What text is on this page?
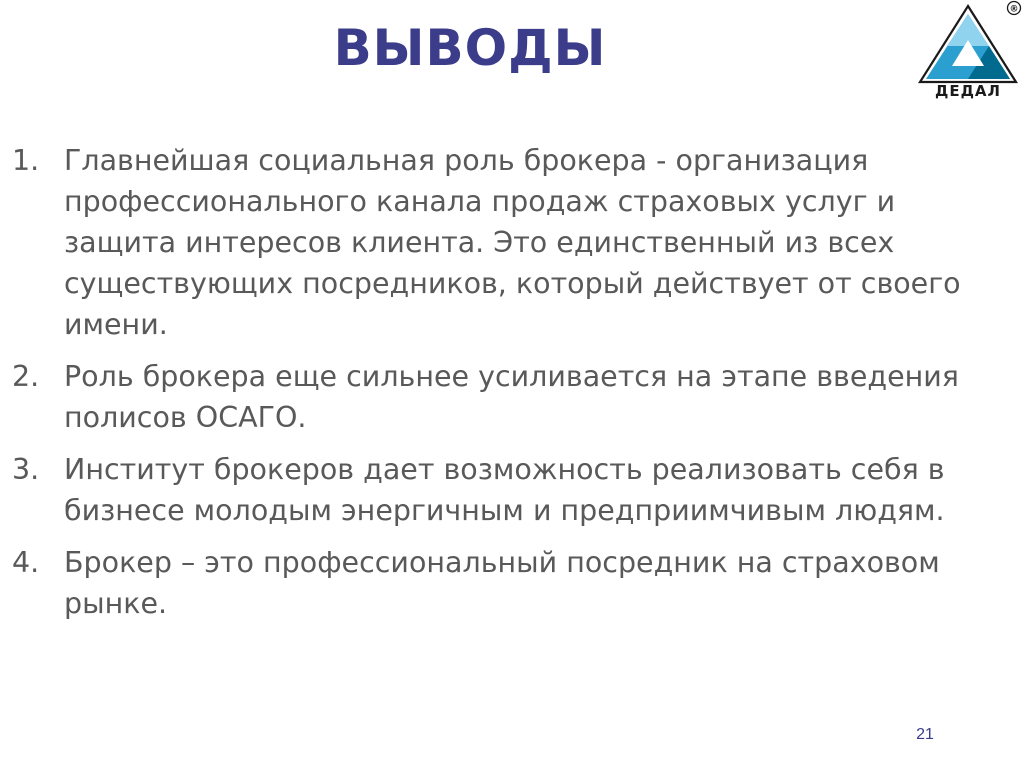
ВЫВОДЫ
®
ДЕДАЛ
1. Главнейшая социальная роль брокера - организация профессионального канала продаж страховых услуг и защита интересов клиента. Это единственный из всех существующих посредников, который действует от своего имени.
2. Роль брокера еще сильнее усиливается на этапе введения полисов ОСАГО.
3. Институт брокеров дает возможность реализовать себя в бизнесе молодым энергичным и предприимчивым людям.
4. Брокер – это профессиональный посредник на страховом рынке.
21
